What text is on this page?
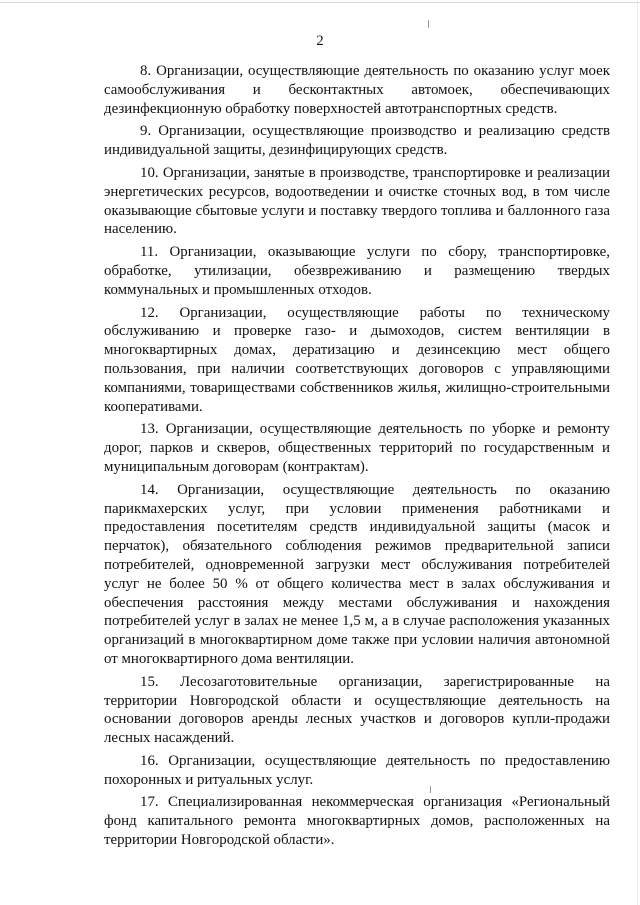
2

8. Организации, осуществляющие деятельность по оказанию услуг моек самообслуживания и бесконтактных автомоек, обеспечивающих дезинфекционную обработку поверхностей автотранспортных средств.

9. Организации, осуществляющие производство и реализацию средств индивидуальной защиты, дезинфицирующих средств.

10. Организации, занятые в производстве, транспортировке и реализации энергетических ресурсов, водоотведении и очистке сточных вод, в том числе оказывающие сбытовые услуги и поставку твердого топлива и баллонного газа населению.

11. Организации, оказывающие услуги по сбору, транспортировке, обработке, утилизации, обезвреживанию и размещению твердых коммунальных и промышленных отходов.

12. Организации, осуществляющие работы по техническому обслуживанию и проверке газо- и дымоходов, систем вентиляции в многоквартирных домах, дератизацию и дезинсекцию мест общего пользования, при наличии соответствующих договоров с управляющими компаниями, товариществами собственников жилья, жилищно-строительными кооперативами.

13. Организации, осуществляющие деятельность по уборке и ремонту дорог, парков и скверов, общественных территорий по государственным и муниципальным договорам (контрактам).

14. Организации, осуществляющие деятельность по оказанию парикмахерских услуг, при условии применения работниками и предоставления посетителям средств индивидуальной защиты (масок и перчаток), обязательного соблюдения режимов предварительной записи потребителей, одновременной загрузки мест обслуживания потребителей услуг не более 50 % от общего количества мест в залах обслуживания и обеспечения расстояния между местами обслуживания и нахождения потребителей услуг в залах не менее 1,5 м, а в случае расположения указанных организаций в многоквартирном доме также при условии наличия автономной от многоквартирного дома вентиляции.

15. Лесозаготовительные организации, зарегистрированные на территории Новгородской области и осуществляющие деятельность на основании договоров аренды лесных участков и договоров купли-продажи лесных насаждений.

16. Организации, осуществляющие деятельность по предоставлению похоронных и ритуальных услуг.

17. Специализированная некоммерческая организация «Региональный фонд капитального ремонта многоквартирных домов, расположенных на территории Новгородской области».
